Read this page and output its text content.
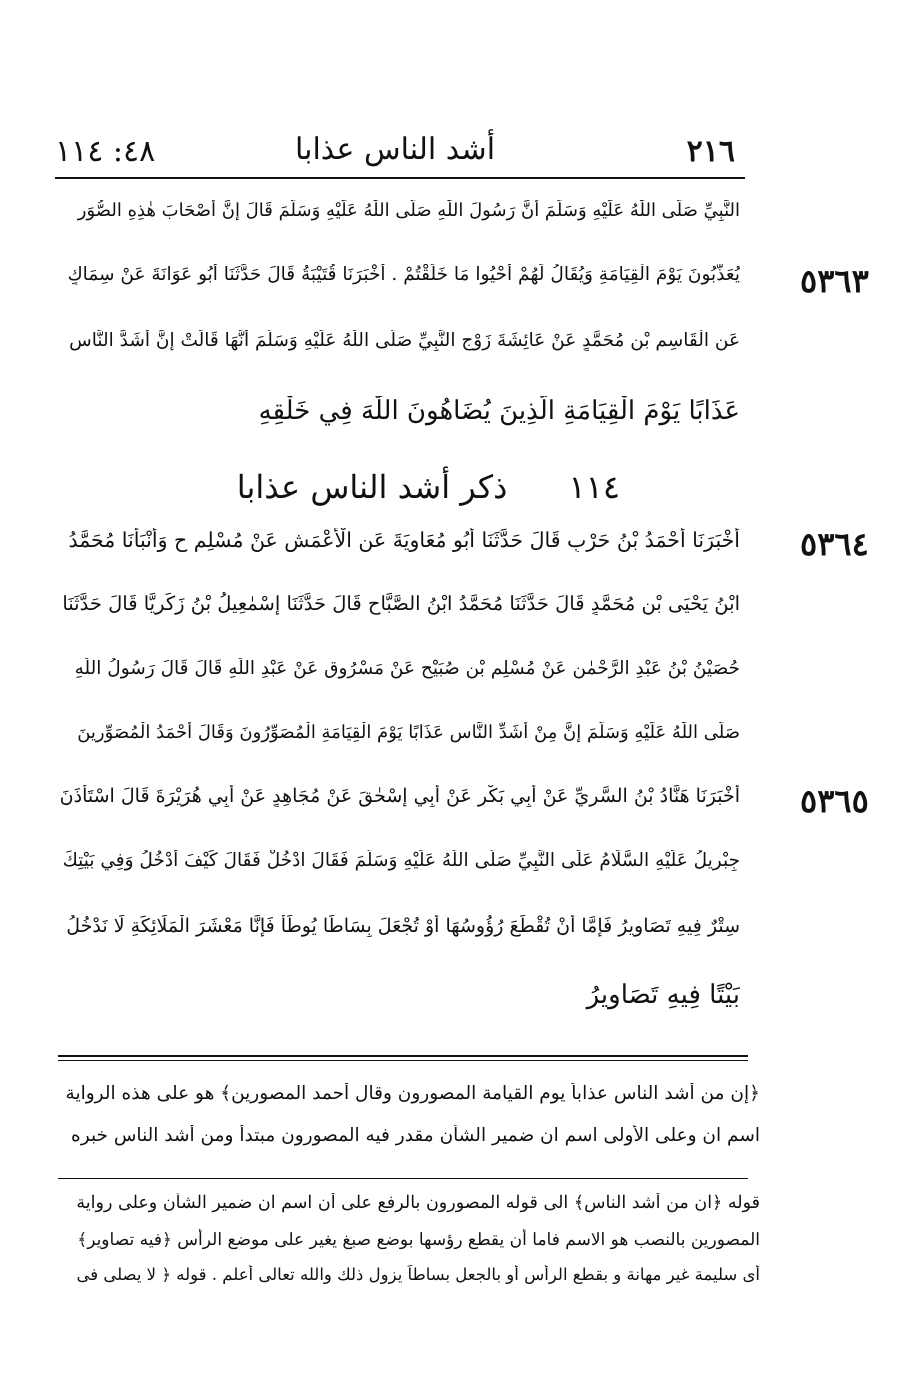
٤٨: ١١٤	أشد الناس عذابا	٢١٦
النَّبِيِّ صَلَّى اللّٰهُ عَلَيْهِ وَسَلَّمَ أَنَّ رَسُولَ اللّٰهِ صَلَّى اللّٰهُ عَلَيْهِ وَسَلَّمَ قَالَ إِنَّ أَصْحَابَ هٰذِهِ الصُّوَرِ
٥٣٦٣
يُعَذَّبُونَ يَوْمَ الْقِيَامَةِ وَيُقَالُ لَهُمْ أَحْيُوا مَا خَلَقْتُمْ . أَخْبَرَنَا قُتَيْبَةُ قَالَ حَدَّثَنَا أَبُو عَوَانَةَ عَنْ سِمَاكٍ
عَنِ الْقَاسِمِ بْنِ مُحَمَّدٍ عَنْ عَائِشَةَ زَوْجِ النَّبِيِّ صَلَّى اللّٰهُ عَلَيْهِ وَسَلَّمَ أَنَّهَا قَالَتْ إِنَّ أَشَدَّ النَّاسِ
عَذَابًا يَوْمَ الْقِيَامَةِ الَّذِينَ يُضَاهُونَ اللّٰهَ فِي خَلْقِهِ
١١٤      ذكر أشد الناس عذابا
٥٣٦٤
أَخْبَرَنَا أَحْمَدُ بْنُ حَرْبٍ قَالَ حَدَّثَنَا أَبُو مُعَاوِيَةَ عَنِ الْأَعْمَشِ عَنْ مُسْلِمٍ ح وَأَنْبَأَنَا مُحَمَّدُ
ابْنُ يَحْيَى بْنِ مُحَمَّدٍ قَالَ حَدَّثَنَا مُحَمَّدُ ابْنُ الصَّبَّاحِ قَالَ حَدَّثَنَا إِسْمٰعِيلُ بْنُ زَكَرِيَّا قَالَ حَدَّثَنَا
حُصَيْنُ بْنُ عَبْدِ الرَّحْمٰنِ عَنْ مُسْلِمِ بْنِ صُبَيْحٍ عَنْ مَسْرُوقٍ عَنْ عَبْدِ اللّٰهِ قَالَ قَالَ رَسُولُ اللّٰهِ
صَلَّى اللّٰهُ عَلَيْهِ وَسَلَّمَ إِنَّ مِنْ أَشَدِّ النَّاسِ عَذَابًا يَوْمَ الْقِيَامَةِ الْمُصَوِّرُونَ وَقَالَ أَحْمَدُ الْمُصَوِّرِينَ
٥٣٦٥
أَخْبَرَنَا هَنَّادُ بْنُ السَّرِيِّ عَنْ أَبِي بَكْرٍ عَنْ أَبِي إِسْحٰقَ عَنْ مُجَاهِدٍ عَنْ أَبِي هُرَيْرَةَ قَالَ اسْتَأْذَنَ
جِبْرِيلُ عَلَيْهِ السَّلَامُ عَلَى النَّبِيِّ صَلَّى اللّٰهُ عَلَيْهِ وَسَلَّمَ فَقَالَ ادْخُلْ فَقَالَ كَيْفَ أَدْخُلُ وَفِي بَيْتِكَ
سِتْرٌ فِيهِ تَصَاوِيرُ فَإِمَّا أَنْ تُقْطَعَ رُؤُوسُهَا أَوْ تُجْعَلَ بِسَاطًا يُوطَأُ فَإِنَّا مَعْشَرَ الْمَلَائِكَةِ لَا نَدْخُلُ
بَيْتًا فِيهِ تَصَاوِيرُ
﴿إن من أشد الناس عذاباً يوم القيامة المصورون وقال أحمد المصورين﴾ هو على هذه الرواية
اسم ان وعلى الأولى اسم ان ضمير الشأن مقدر فيه المصورون مبتدأ ومن أشد الناس خبره
قوله ﴿ان من أشد الناس﴾ الى قوله المصورون بالرفع على أن اسم ان ضمير الشأن وعلى رواية
المصورين بالنصب هو الاسم فاما أن يقطع رؤسها بوضع صبغ يغير على موضع الرأس ﴿فيه تصاوير﴾
أى سليمة غير مهانة و بقطع الرأس أو بالجعل بساطاً يزول ذلك والله تعالى أعلم . قوله ﴿ لا يصلى فى
